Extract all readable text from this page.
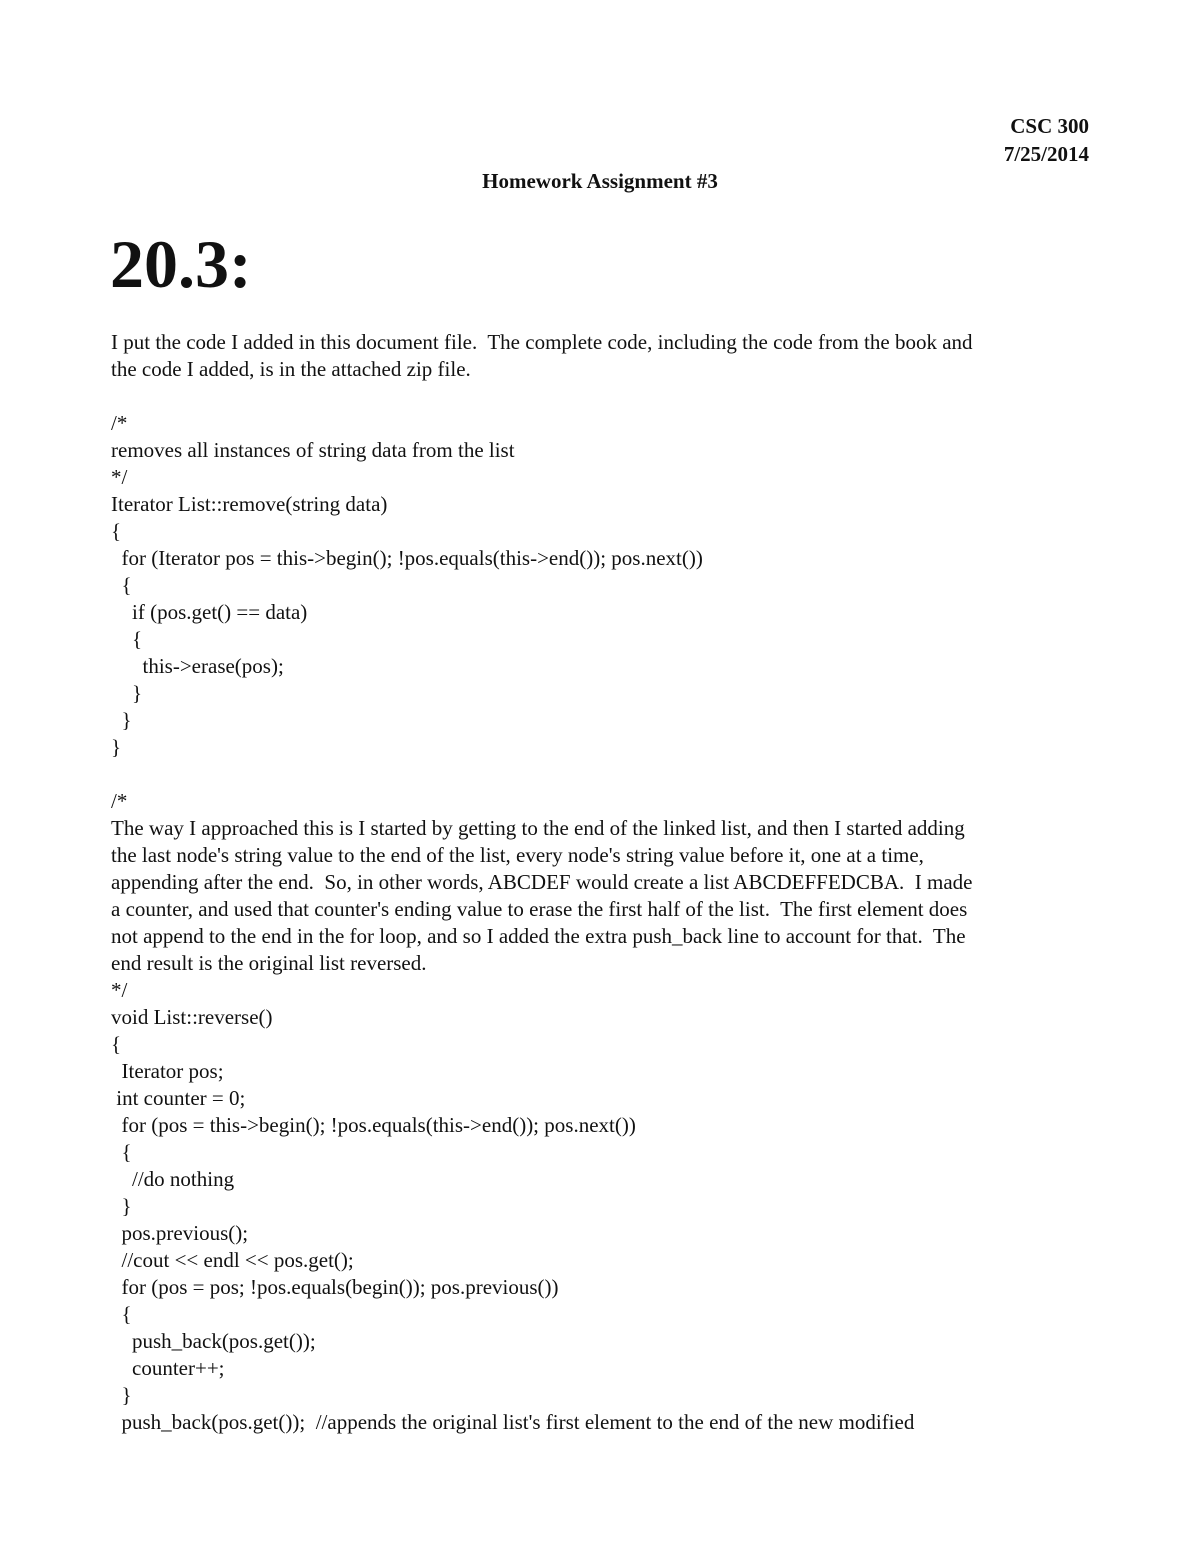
CSC 300
7/25/2014
Homework Assignment #3
20.3:
I put the code I added in this document file.  The complete code, including the code from the book and
the code I added, is in the attached zip file.
/*
removes all instances of string data from the list
*/
Iterator List::remove(string data)
{
for (Iterator pos = this->begin(); !pos.equals(this->end()); pos.next())
{
if (pos.get() == data)
{
this->erase(pos);
}
}
}
/*
The way I approached this is I started by getting to the end of the linked list, and then I started adding
the last node's string value to the end of the list, every node's string value before it, one at a time,
appending after the end.  So, in other words, ABCDEF would create a list ABCDEFFEDCBA.  I made
a counter, and used that counter's ending value to erase the first half of the list.  The first element does
not append to the end in the for loop, and so I added the extra push_back line to account for that.  The
end result is the original list reversed.
*/
void List::reverse()
{
Iterator pos;
int counter = 0;
for (pos = this->begin(); !pos.equals(this->end()); pos.next())
{
//do nothing
}
pos.previous();
//cout << endl << pos.get();
for (pos = pos; !pos.equals(begin()); pos.previous())
{
push_back(pos.get());
counter++;
}
push_back(pos.get());  //appends the original list's first element to the end of the new modified
